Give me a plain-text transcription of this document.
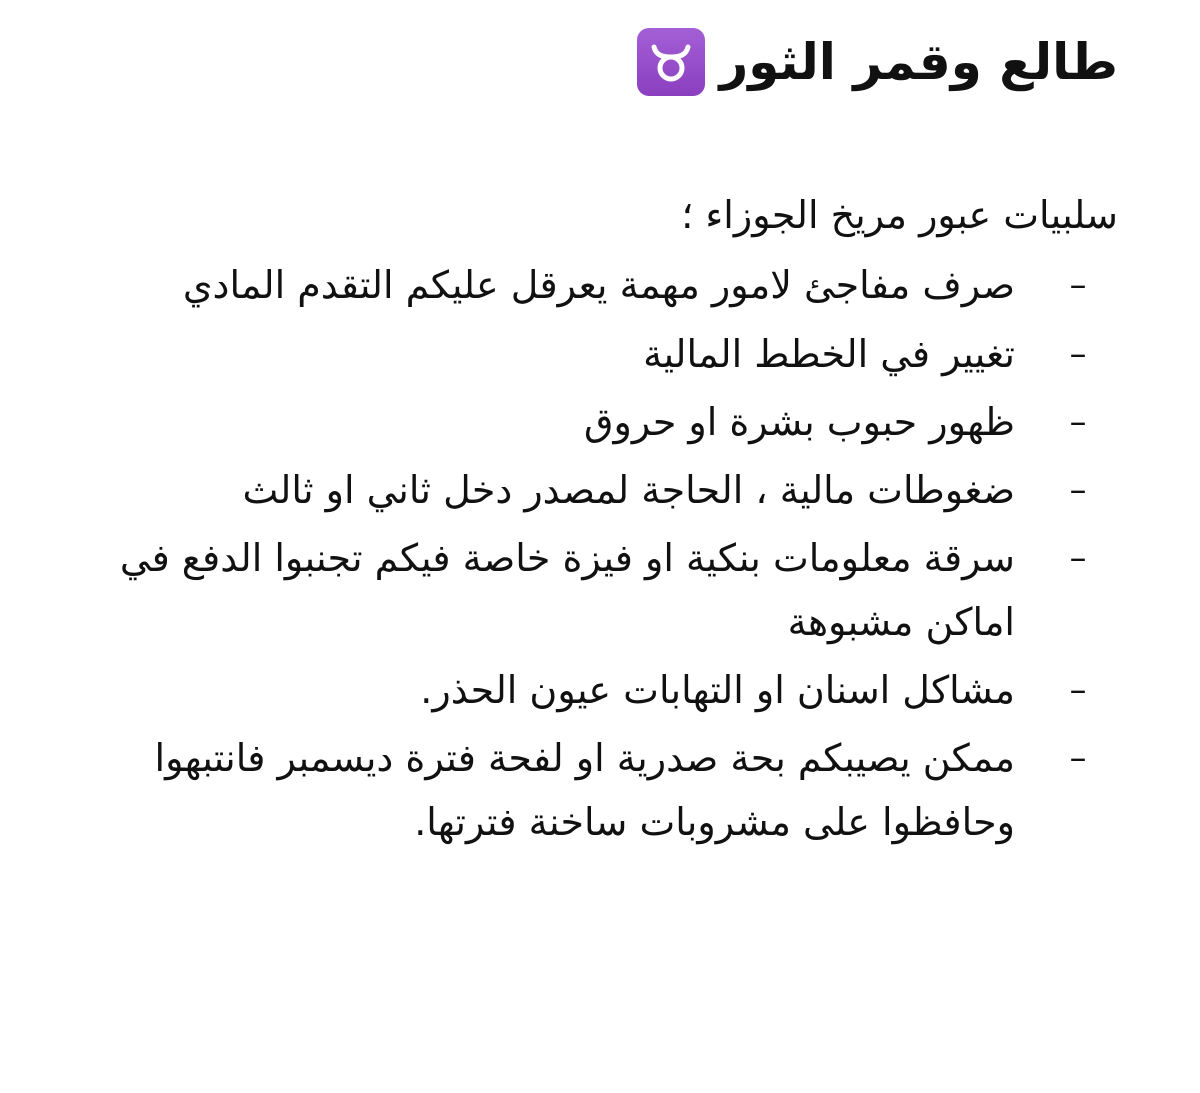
طالع وقمر الثور
سلبيات عبور مريخ الجوزاء ؛
–
صرف مفاجئ لامور مهمة يعرقل عليكم التقدم المادي
–
تغيير في الخطط المالية
–
ظهور حبوب بشرة او حروق
–
ضغوطات مالية ، الحاجة لمصدر دخل ثاني او ثالث
–
سرقة معلومات بنكية او فيزة خاصة فيكم تجنبوا الدفع في اماكن مشبوهة
–
مشاكل اسنان او التهابات عيون الحذر.
–
ممكن يصيبكم بحة صدرية او لفحة فترة ديسمبر فانتبهوا وحافظوا على مشروبات ساخنة فترتها.
